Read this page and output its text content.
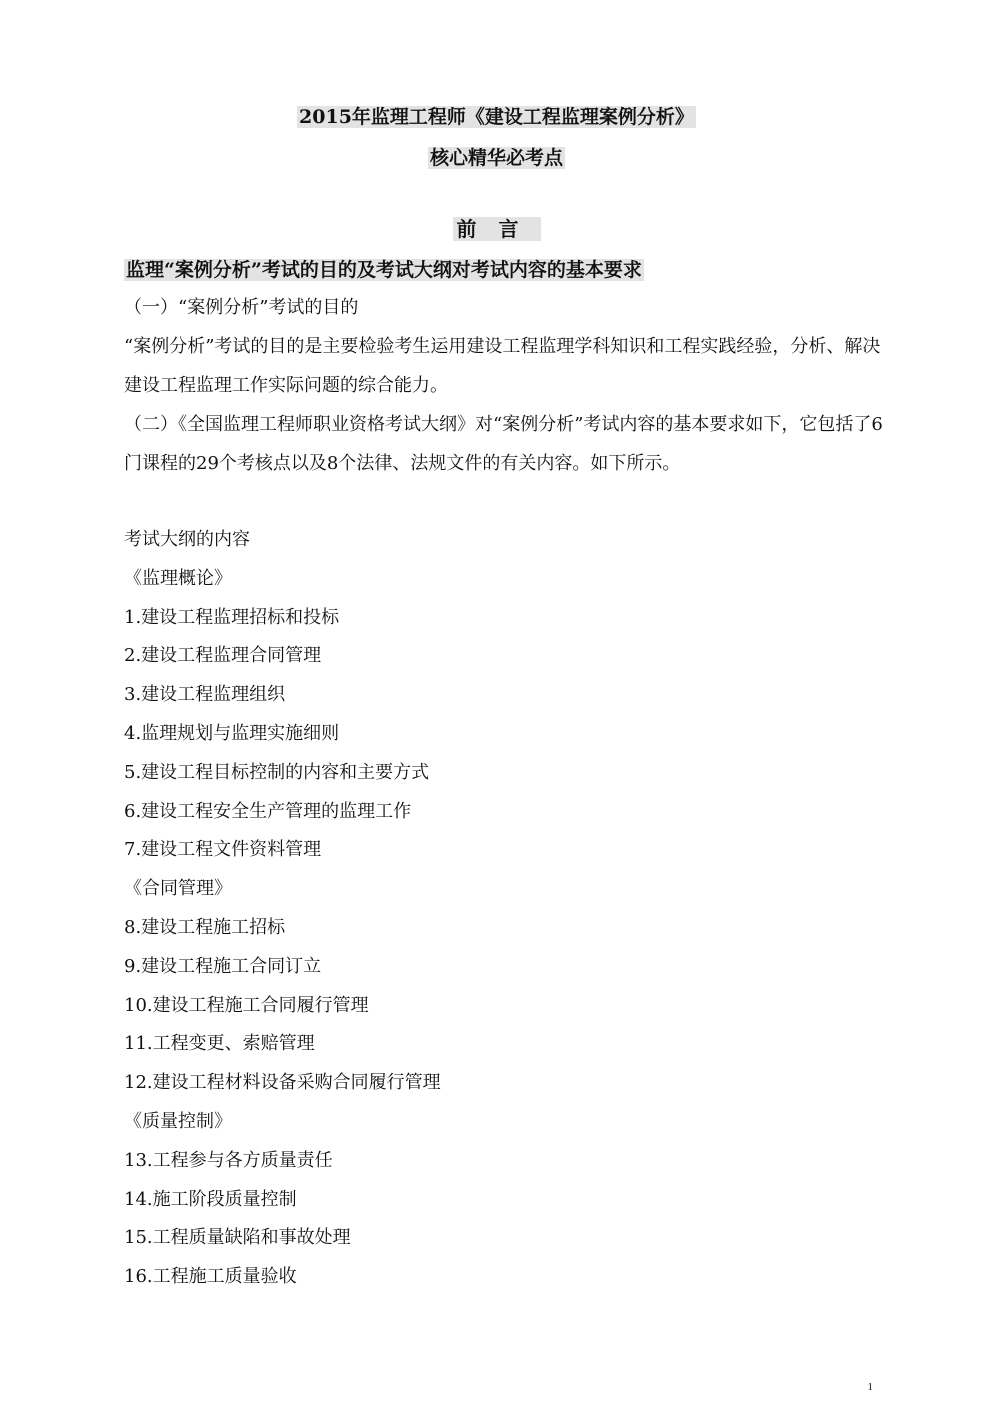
2015年监理工程师《建设工程监理案例分析》
核心精华必考点
前言
监理“案例分析”考试的目的及考试大纲对考试内容的基本要求
（一）“案例分析”考试的目的
“案例分析”考试的目的是主要检验考生运用建设工程监理学科知识和工程实践经验，分析、解决建设工程监理工作实际问题的综合能力。
（二）《全国监理工程师职业资格考试大纲》对“案例分析”考试内容的基本要求如下，它包括了6门课程的29个考核点以及8个法律、法规文件的有关内容。如下所示。
考试大纲的内容
《监理概论》
1.建设工程监理招标和投标
2.建设工程监理合同管理
3.建设工程监理组织
4.监理规划与监理实施细则
5.建设工程目标控制的内容和主要方式
6.建设工程安全生产管理的监理工作
7.建设工程文件资料管理
《合同管理》
8.建设工程施工招标
9.建设工程施工合同订立
10.建设工程施工合同履行管理
11.工程变更、索赔管理
12.建设工程材料设备采购合同履行管理
《质量控制》
13.工程参与各方质量责任
14.施工阶段质量控制
15.工程质量缺陷和事故处理
16.工程施工质量验收
1
